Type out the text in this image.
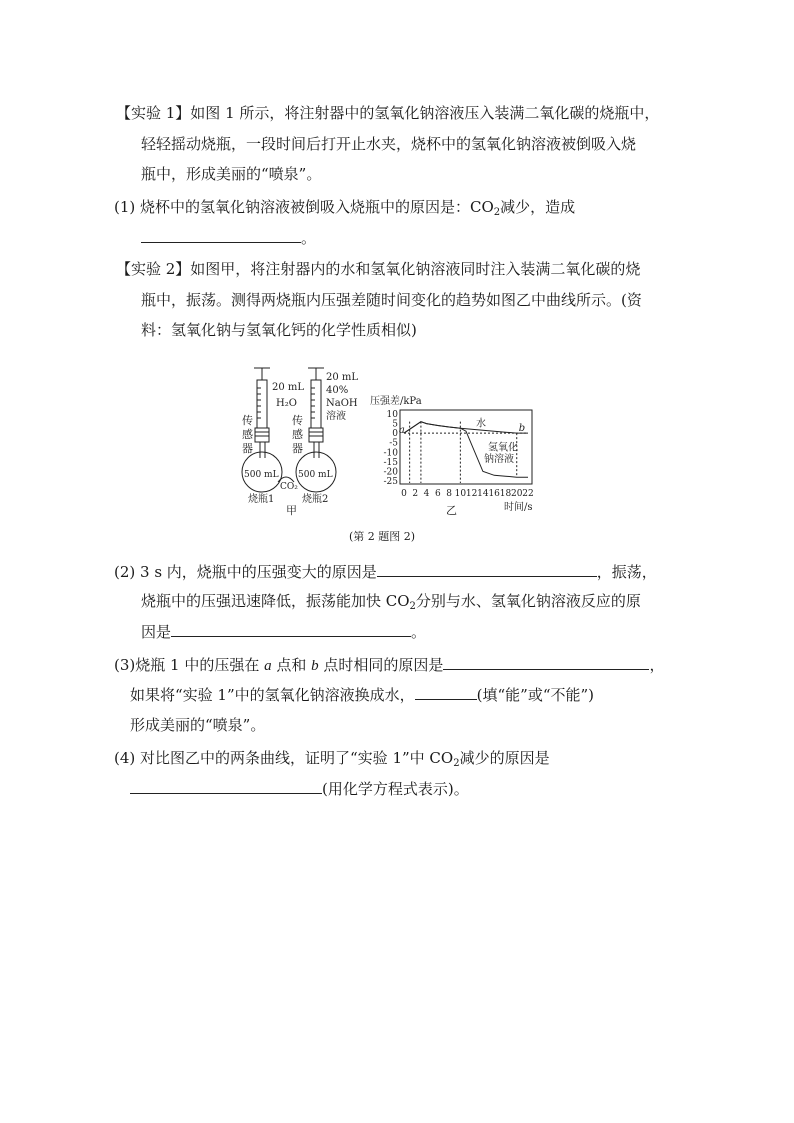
【实验 1】如图 1 所示，将注射器中的氢氧化钠溶液压入装满二氧化碳的烧瓶中，
轻轻摇动烧瓶，一段时间后打开止水夹，烧杯中的氢氧化钠溶液被倒吸入烧
瓶中，形成美丽的“喷泉”。
(1) 烧杯中的氢氧化钠溶液被倒吸入烧瓶中的原因是：$CO_2$减少，造成
。
【实验 2】如图甲，将注射器内的水和氢氧化钠溶液同时注入装满二氧化碳的烧
瓶中，振荡。测得两烧瓶内压强差随时间变化的趋势如图乙中曲线所示。(资
料：氢氧化钠与氢氧化钙的化学性质相似)
传
感
器
20 mL
H₂O
500 mL
烧瓶1
传
感
器
20 mL
40%
NaOH
溶液
500 mL
烧瓶2
CO₂
甲
压强差/kPa
时间/s
乙
10
5
0
-5
-10
-15
-20
-25
0 2 4 6 8 10 12 14 16 18 20 22
水
氢氧化
钠溶液
a	b
(第 2 题图 2)
(2) 3 s 内，烧瓶中的压强变大的原因是	，振荡，
烧瓶中的压强迅速降低，振荡能加快 $CO_2$分别与水、氢氧化钠溶液反应的原
因是	。
(3)烧瓶 1 中的压强在 a 点和 b 点时相同的原因是	，
如果将“实验 1”中的氢氧化钠溶液换成水，	(填“能”或“不能”)
形成美丽的“喷泉”。
(4) 对比图乙中的两条曲线，证明了“实验 1”中 $CO_2$减少的原因是
(用化学方程式表示)。
